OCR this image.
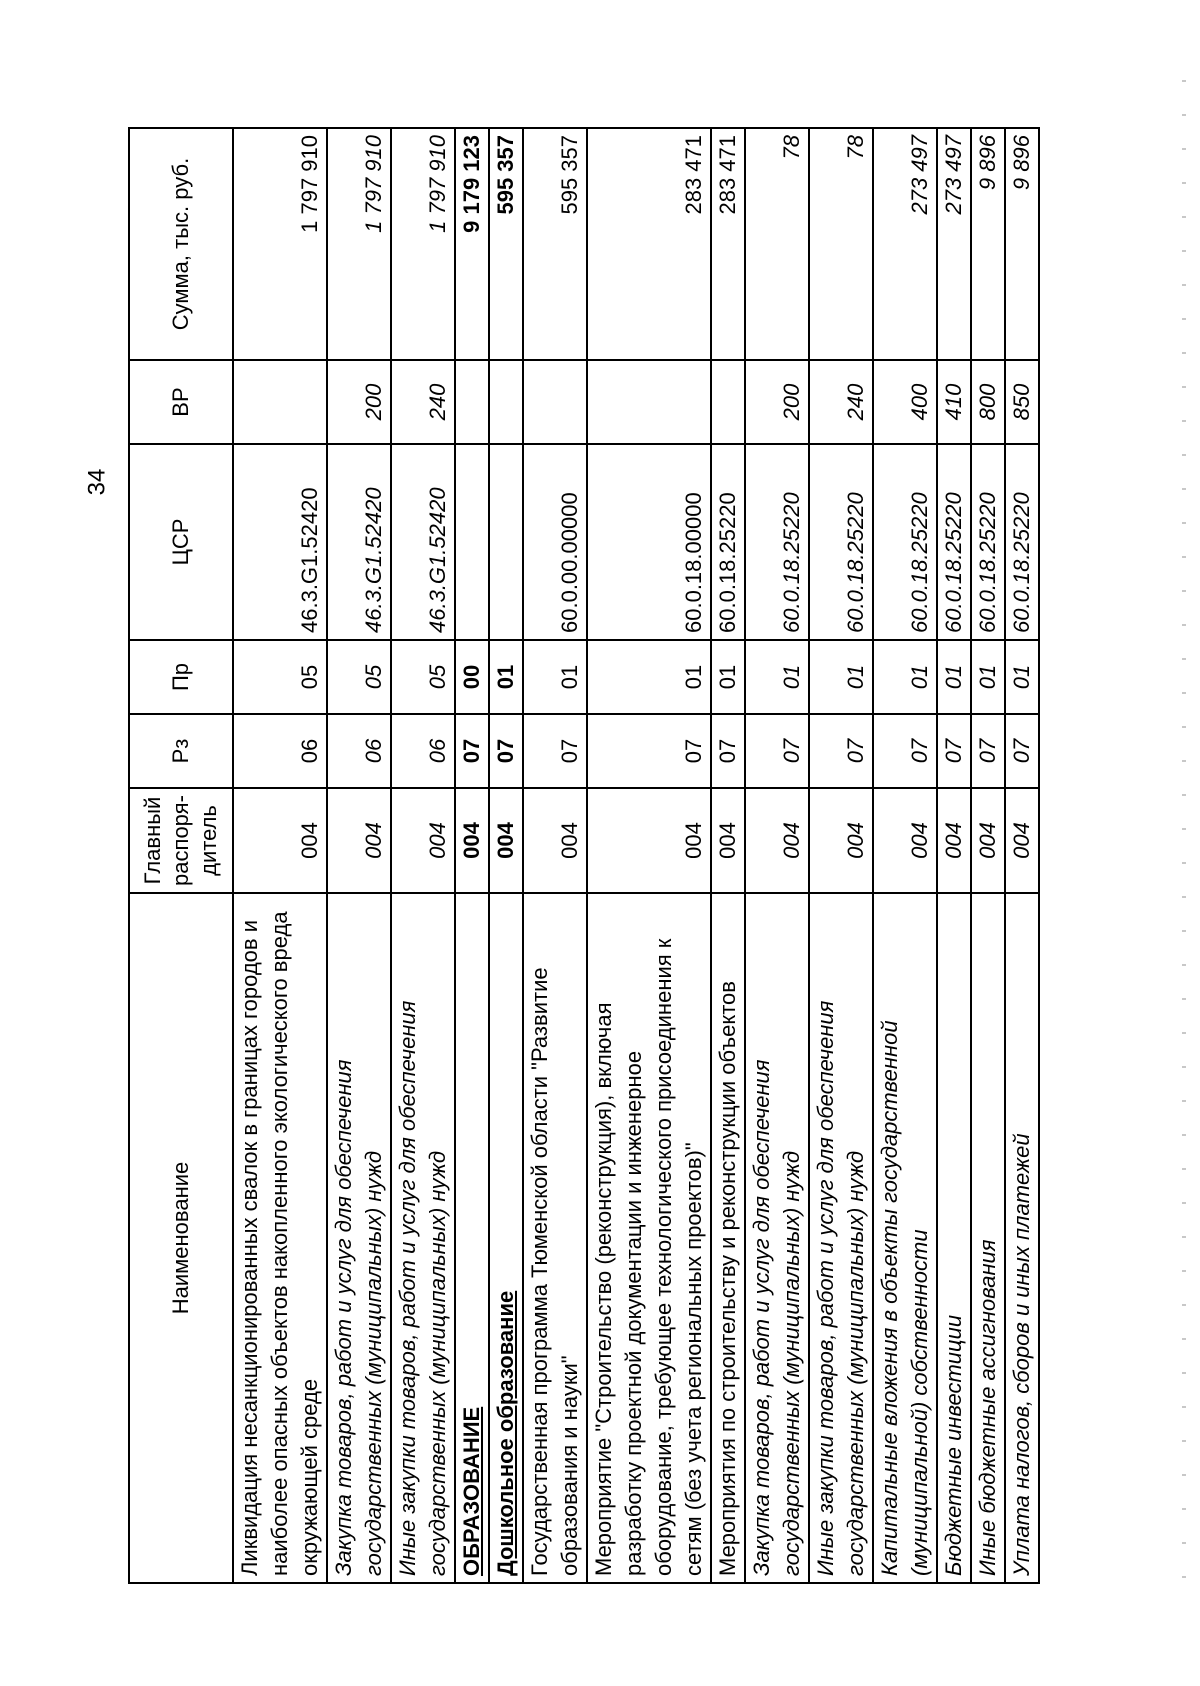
34
Наименование	Главный распоря-дитель	Рз	Пр	ЦСР	ВР	Сумма, тыс. руб.
Ликвидация несанкционированных свалок в границах городов и наиболее опасных объектов накопленного экологического вреда окружающей среде	004	06	05	46.3.G1.52420		1 797 910
Закупка товаров, работ и услуг для обеспечения государственных (муниципальных) нужд	004	06	05	46.3.G1.52420	200	1 797 910
Иные закупки товаров, работ и услуг для обеспечения государственных (муниципальных) нужд	004	06	05	46.3.G1.52420	240	1 797 910
ОБРАЗОВАНИЕ	004	07	00			9 179 123
Дошкольное образование	004	07	01			595 357
Государственная программа Тюменской области "Развитие образования и науки"	004	07	01	60.0.00.00000		595 357
Мероприятие "Строительство (реконструкция), включая разработку проектной документации и инженерное оборудование, требующее технологического присоединения к сетям (без учета региональных проектов)"	004	07	01	60.0.18.00000		283 471
Мероприятия по строительству и реконструкции объектов	004	07	01	60.0.18.25220		283 471
Закупка товаров, работ и услуг для обеспечения государственных (муниципальных) нужд	004	07	01	60.0.18.25220	200	78
Иные закупки товаров, работ и услуг для обеспечения государственных (муниципальных) нужд	004	07	01	60.0.18.25220	240	78
Капитальные вложения в объекты государственной (муниципальной) собственности	004	07	01	60.0.18.25220	400	273 497
Бюджетные инвестиции	004	07	01	60.0.18.25220	410	273 497
Иные бюджетные ассигнования	004	07	01	60.0.18.25220	800	9 896
Уплата налогов, сборов и иных платежей	004	07	01	60.0.18.25220	850	9 896
